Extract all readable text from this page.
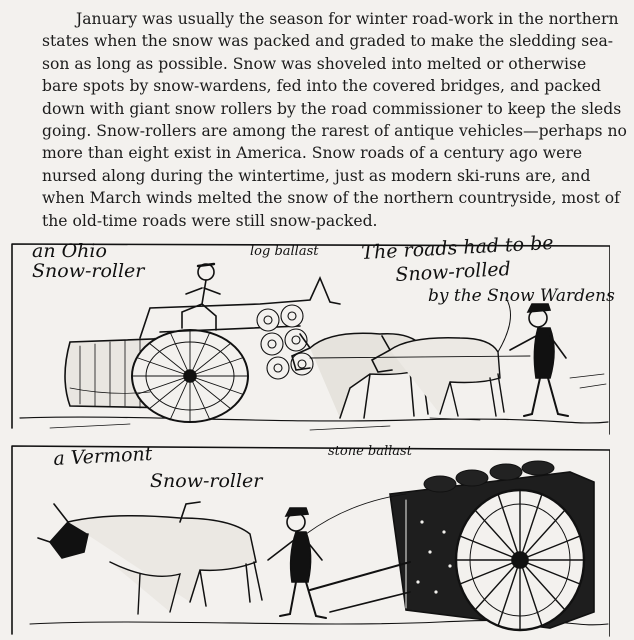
January was usually the season for winter road-work in the northern
states when the snow was packed and graded to make the sledding sea-
son as long as possible. Snow was shoveled into melted or otherwise
bare spots by snow-wardens, fed into the covered bridges, and packed
down with giant snow rollers by the road commissioner to keep the sleds
going. Snow-rollers are among the rarest of antique vehicles—perhaps no
more than eight exist in America. Snow roads of a century ago were
nursed along during the wintertime, just as modern ski-runs are, and
when March winds melted the snow of the northern countryside, most of
the old-time roads were still snow-packed.

an Ohio
Snow-roller
log ballast The roads had to be
Snow-rolled
by the Snow Wardens
a Vermont
Snow-roller
stone ballast
